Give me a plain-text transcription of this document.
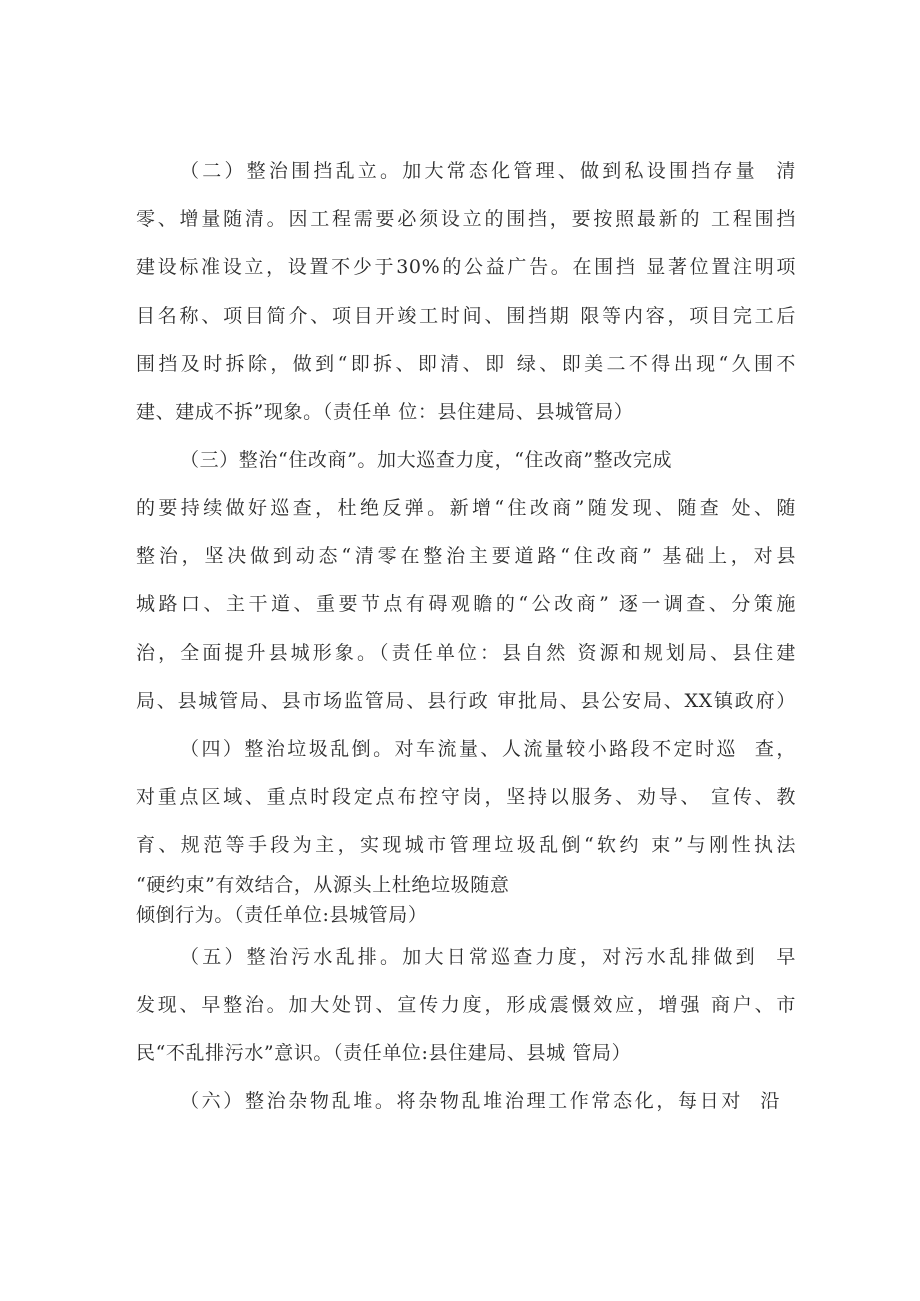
（二）整治围挡乱立。加大常态化管理、做到私设围挡存量  清

零、增量随清。因工程需要必须设立的围挡，要按照最新的 工程围挡

建设标准设立，设置不少于30%的公益广告。在围挡 显著位置注明项

目名称、项目简介、项目开竣工时间、围挡期 限等内容，项目完工后

围挡及时拆除，做到“即拆、即清、即 绿、即美二不得出现“久围不

建、建成不拆”现象。（责任单 位：县住建局、县城管局）

（三）整治“住改商”。加大巡查力度，“住改商”整改完成

的要持续做好巡查，杜绝反弹。新增“住改商”随发现、随查 处、随

整治，坚决做到动态“清零在整治主要道路“住改商” 基础上，对县

城路口、主干道、重要节点有碍观瞻的“公改商” 逐一调查、分策施

治，全面提升县城形象。（责任单位：县自然 资源和规划局、县住建

局、县城管局、县市场监管局、县行政 审批局、县公安局、XX镇政府）

（四）整治垃圾乱倒。对车流量、人流量较小路段不定时巡  查，

对重点区域、重点时段定点布控守岗，坚持以服务、劝导、 宣传、教

育、规范等手段为主，实现城市管理垃圾乱倒“软约 束”与刚性执法

“硬约束”有效结合，从源头上杜绝垃圾随意

倾倒行为。（责任单位:县城管局）

（五）整治污水乱排。加大日常巡查力度，对污水乱排做到  早

发现、早整治。加大处罚、宣传力度，形成震慑效应，增强 商户、市

民“不乱排污水”意识。（责任单位:县住建局、县城 管局）

（六）整治杂物乱堆。将杂物乱堆治理工作常态化，每日对  沿
